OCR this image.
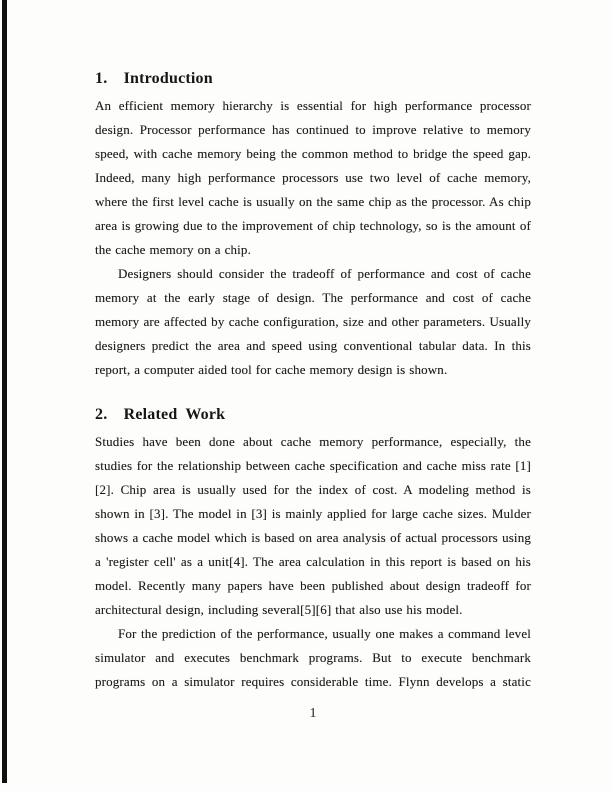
1. Introduction

An efficient memory hierarchy is essential for high performance processor design. Processor performance has continued to improve relative to memory speed, with cache memory being the common method to bridge the speed gap. Indeed, many high performance processors use two level of cache memory, where the first level cache is usually on the same chip as the processor. As chip area is growing due to the improvement of chip technology, so is the amount of the cache memory on a chip.

Designers should consider the tradeoff of performance and cost of cache memory at the early stage of design. The performance and cost of cache memory are affected by cache configuration, size and other parameters. Usually designers predict the area and speed using conventional tabular data. In this report, a computer aided tool for cache memory design is shown.

2. Related Work

Studies have been done about cache memory performance, especially, the studies for the relationship between cache specification and cache miss rate [1][2]. Chip area is usually used for the index of cost. A modeling method is shown in [3]. The model in [3] is mainly applied for large cache sizes. Mulder shows a cache model which is based on area analysis of actual processors using a 'register cell' as a unit[4]. The area calculation in this report is based on his model. Recently many papers have been published about design tradeoff for architectural design, including several[5][6] that also use his model.

For the prediction of the performance, usually one makes a command level simulator and executes benchmark programs. But to execute benchmark programs on a simulator requires considerable time. Flynn develops a static

1
